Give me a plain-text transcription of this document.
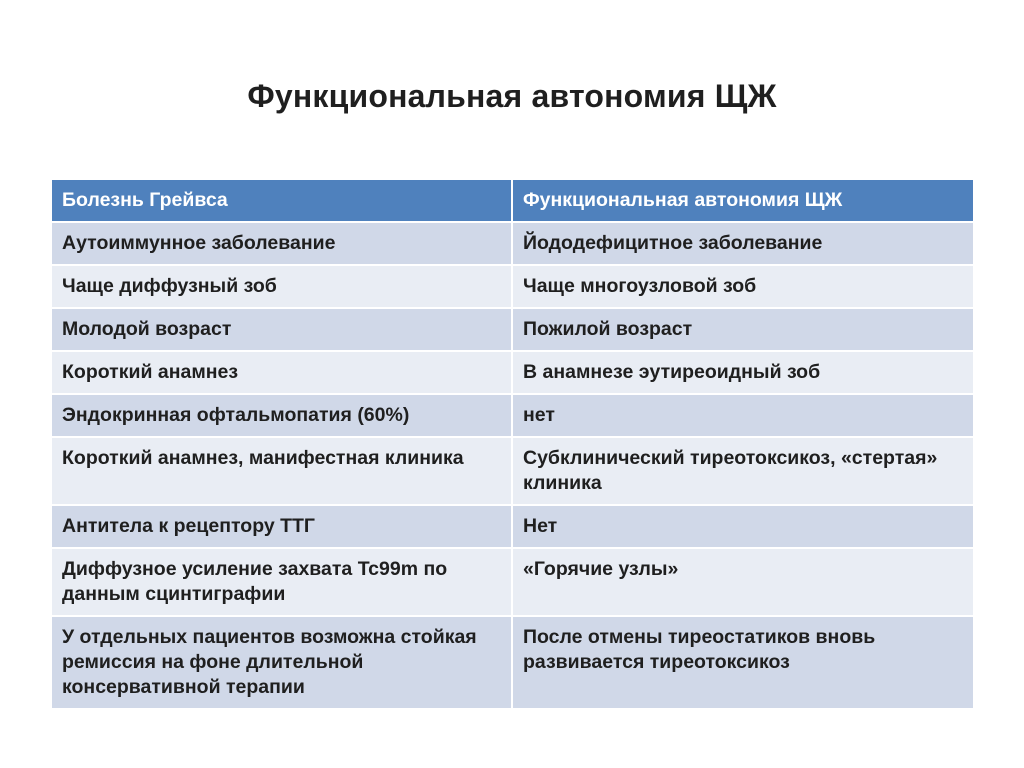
Функциональная автономия ЩЖ
Болезнь Грейвса	Функциональная автономия ЩЖ
Аутоиммунное заболевание	Йододефицитное заболевание
Чаще диффузный зоб	Чаще многоузловой зоб
Молодой возраст	Пожилой возраст
Короткий анамнез	В анамнезе эутиреоидный зоб
Эндокринная офтальмопатия (60%)	нет
Короткий анамнез, манифестная клиника	Субклинический тиреотоксикоз, «стертая» клиника
Антитела к рецептору ТТГ	Нет
Диффузное усиление захвата Tc99m по данным сцинтиграфии	«Горячие узлы»
У отдельных пациентов возможна стойкая ремиссия на фоне длительной консервативной терапии	После отмены тиреостатиков вновь развивается тиреотоксикоз
